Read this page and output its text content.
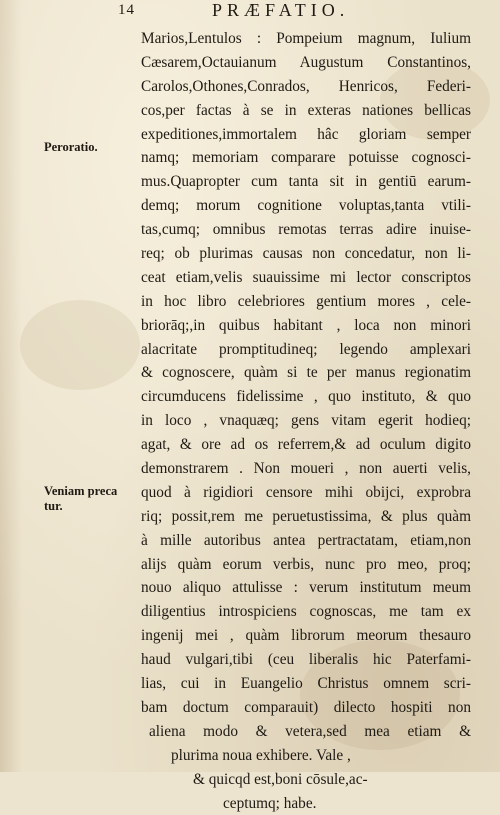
14	PRÆFATIO.
Peroratio.
Veniam preca tur.
Marios,Lentulos : Pompeium magnum, Iulium
Cæsarem,Octauianum Augustum Constantinos,
Carolos,Othones,Conrados, Henricos, Federi-
cos,per factas à se in exteras nationes bellicas
expeditiones,immortalem hâc gloriam semper
namq; memoriam comparare potuisse cognosci-
mus.Quapropter cum tanta sit in gentiū earum-
demq; morum cognitione voluptas,tanta vtili-
tas,cumq; omnibus remotas terras adire inuise-
req; ob plurimas causas non concedatur, non li-
ceat etiam,velis suauissime mi lector conscriptos
in hoc libro celebriores gentium mores , cele-
briorāq;,in quibus habitant , loca non minori
alacritate promptitudineq; legendo amplexari
& cognoscere, quàm si te per manus regionatim
circumducens fidelissime , quo instituto, & quo
in loco , vnaquæq; gens vitam egerit hodieq;
agat, & ore ad os referrem,& ad oculum digito
demonstrarem . Non moueri , non auerti velis,
quod à rigidiori censore mihi obijci, exprobra
riq; possit,rem me peruetustissima, & plus quàm
à mille autoribus antea pertractatam, etiam,non
alijs quàm eorum verbis, nunc pro meo, proq;
nouo aliquo attulisse : verum institutum meum
diligentius introspiciens cognoscas, me tam ex
ingenij mei , quàm librorum meorum thesauro
haud vulgari,tibi (ceu liberalis hic Paterfami-
lias, cui in Euangelio Christus omnem scri-
bam doctum comparauit) dilecto hospiti non
aliena modo & vetera,sed mea etiam &
plurima noua exhibere. Vale ,
& quicqd est,boni cōsule,ac-
ceptumq; habe.
